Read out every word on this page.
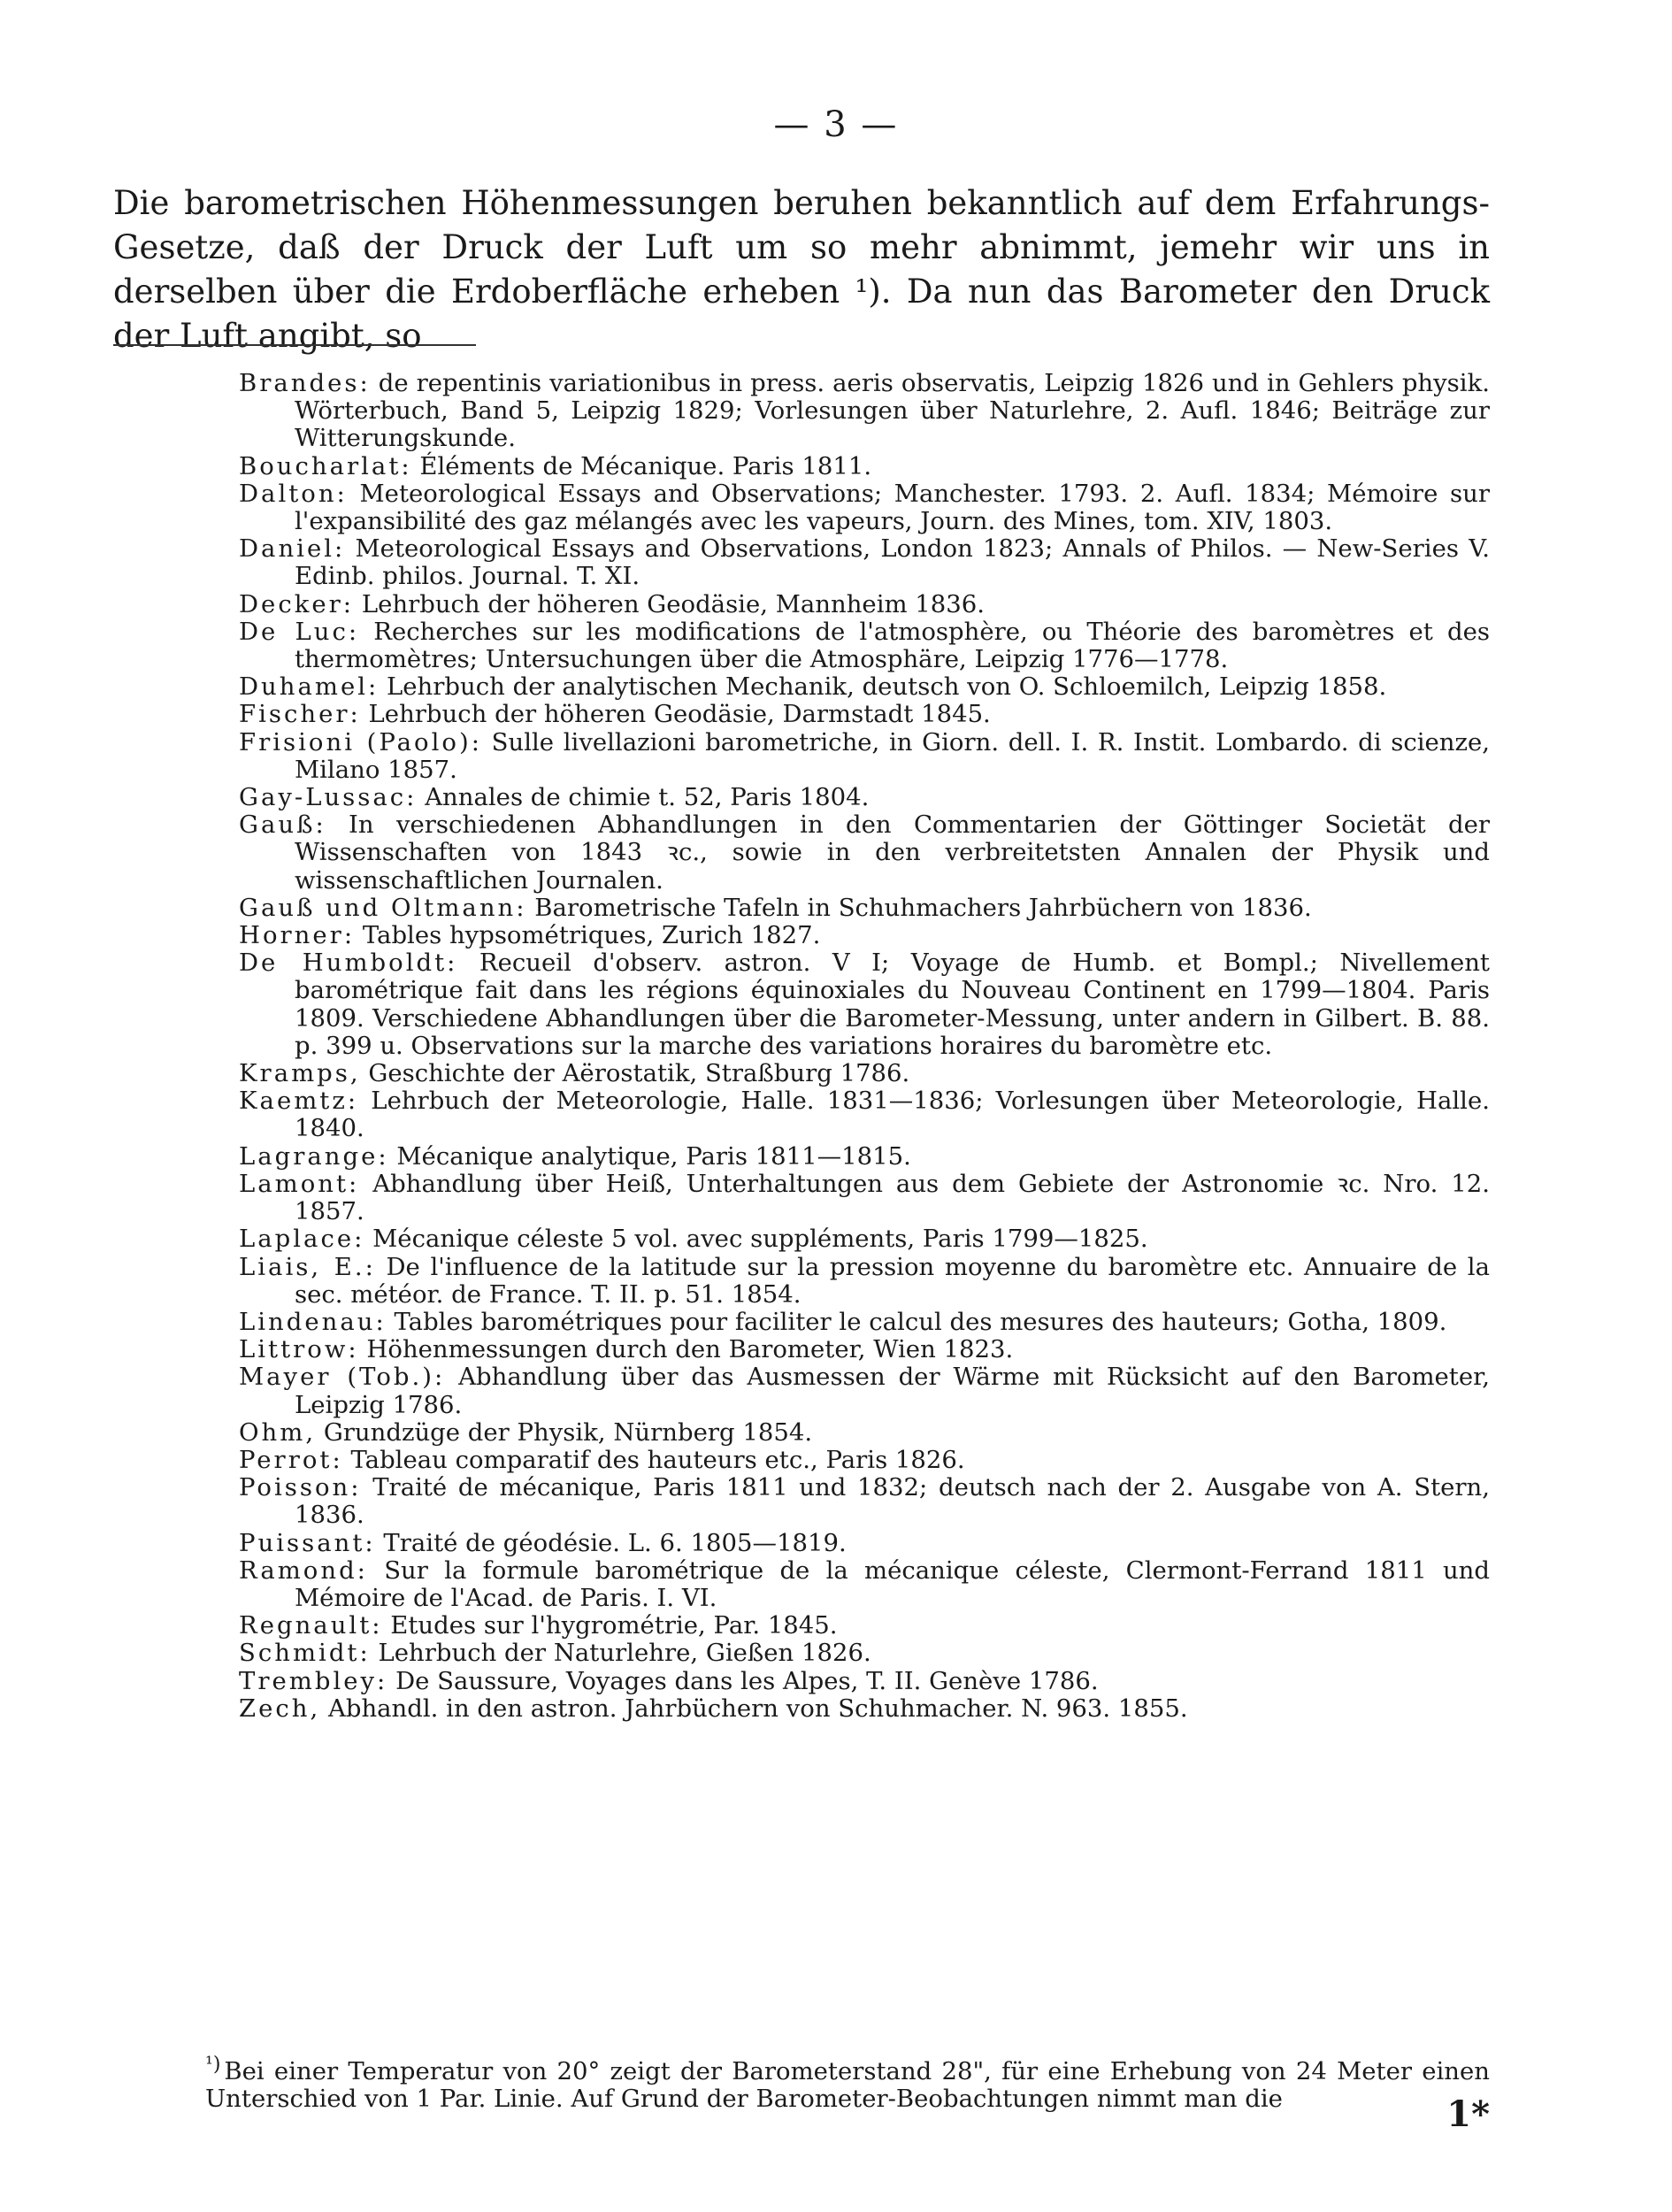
— 3 —

Die barometrischen Höhenmessungen beruhen bekanntlich auf dem Erfahrungs-Gesetze, daß der Druck der Luft um so mehr abnimmt, jemehr wir uns in derselben über die Erdoberfläche erheben ¹). Da nun das Barometer den Druck der Luft angibt, so

Brandes: de repentinis variationibus in press. aeris observatis, Leipzig 1826 und in Gehlers physik. Wörterbuch, Band 5, Leipzig 1829; Vorlesungen über Naturlehre, 2. Aufl. 1846; Beiträge zur Witterungskunde.
Boucharlat: Éléments de Mécanique. Paris 1811.
Dalton: Meteorological Essays and Observations; Manchester. 1793. 2. Aufl. 1834; Mémoire sur l'expansibilité des gaz mélangés avec les vapeurs, Journ. des Mines, tom. XIV, 1803.
Daniel: Meteorological Essays and Observations, London 1823; Annals of Philos. — New-Series V. Edinb. philos. Journal. T. XI.
Decker: Lehrbuch der höheren Geodäsie, Mannheim 1836.
De Luc: Recherches sur les modifications de l'atmosphère, ou Théorie des baromètres et des thermomètres; Untersuchungen über die Atmosphäre, Leipzig 1776—1778.
Duhamel: Lehrbuch der analytischen Mechanik, deutsch von O. Schloemilch, Leipzig 1858.
Fischer: Lehrbuch der höheren Geodäsie, Darmstadt 1845.
Frisioni (Paolo): Sulle livellazioni barometriche, in Giorn. dell. I. R. Instit. Lombardo. di scienze, Milano 1857.
Gay-Lussac: Annales de chimie t. 52, Paris 1804.
Gauß: In verschiedenen Abhandlungen in den Commentarien der Göttinger Societät der Wissenschaften von 1843 ꝛc., sowie in den verbreitetsten Annalen der Physik und wissenschaftlichen Journalen.
Gauß und Oltmann: Barometrische Tafeln in Schuhmachers Jahrbüchern von 1836.
Horner: Tables hypsométriques, Zurich 1827.
De Humboldt: Recueil d'observ. astron. V I; Voyage de Humb. et Bompl.; Nivellement barométrique fait dans les régions équinoxiales du Nouveau Continent en 1799—1804. Paris 1809. Verschiedene Abhandlungen über die Barometer-Messung, unter andern in Gilbert. B. 88. p. 399 u. Observations sur la marche des variations horaires du baromètre etc.
Kramps, Geschichte der Aërostatik, Straßburg 1786.
Kaemtz: Lehrbuch der Meteorologie, Halle. 1831—1836; Vorlesungen über Meteorologie, Halle. 1840.
Lagrange: Mécanique analytique, Paris 1811—1815.
Lamont: Abhandlung über Heiß, Unterhaltungen aus dem Gebiete der Astronomie ꝛc. Nro. 12. 1857.
Laplace: Mécanique céleste 5 vol. avec suppléments, Paris 1799—1825.
Liais, E.: De l'influence de la latitude sur la pression moyenne du baromètre etc. Annuaire de la sec. météor. de France. T. II. p. 51. 1854.
Lindenau: Tables barométriques pour faciliter le calcul des mesures des hauteurs; Gotha, 1809.
Littrow: Höhenmessungen durch den Barometer, Wien 1823.
Mayer (Tob.): Abhandlung über das Ausmessen der Wärme mit Rücksicht auf den Barometer, Leipzig 1786.
Ohm, Grundzüge der Physik, Nürnberg 1854.
Perrot: Tableau comparatif des hauteurs etc., Paris 1826.
Poisson: Traité de mécanique, Paris 1811 und 1832; deutsch nach der 2. Ausgabe von A. Stern, 1836.
Puissant: Traité de géodésie. L. 6. 1805—1819.
Ramond: Sur la formule barométrique de la mécanique céleste, Clermont-Ferrand 1811 und Mémoire de l'Acad. de Paris. I. VI.
Regnault: Etudes sur l'hygrométrie, Par. 1845.
Schmidt: Lehrbuch der Naturlehre, Gießen 1826.
Trembley: De Saussure, Voyages dans les Alpes, T. II. Genève 1786.
Zech, Abhandl. in den astron. Jahrbüchern von Schuhmacher. N. 963. 1855.
$^{^1)}$ Bei einer Temperatur von 20° zeigt der Barometerstand 28", für eine Erhebung von 24 Meter einen Unterschied von 1 Par. Linie. Auf Grund der Barometer-Beobachtungen nimmt man die	1*
